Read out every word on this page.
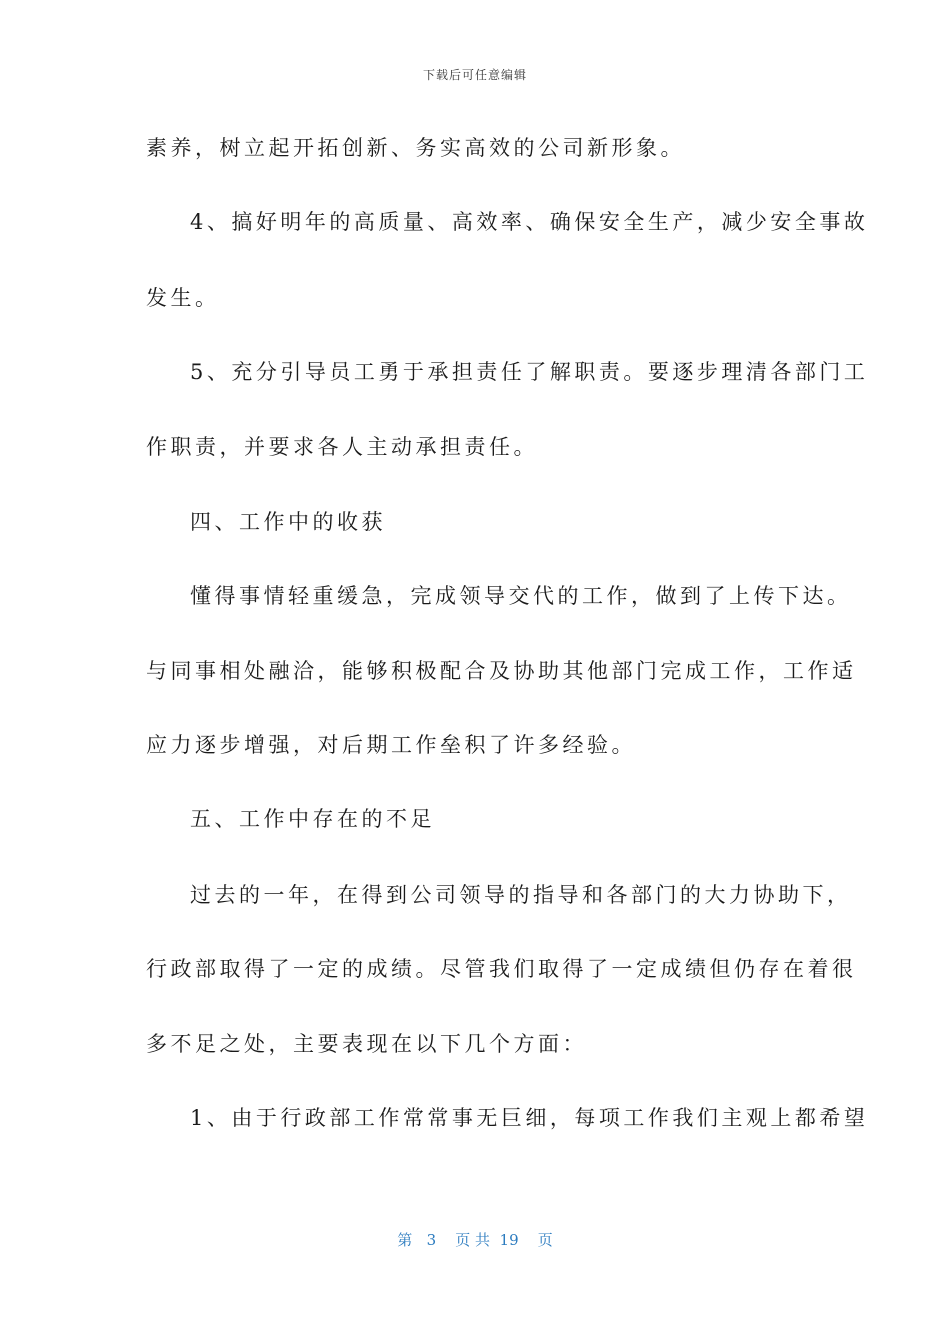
下载后可任意编辑
素养，树立起开拓创新、务实高效的公司新形象。
4、搞好明年的高质量、高效率、确保安全生产，减少安全事故
发生。
5、充分引导员工勇于承担责任了解职责。要逐步理清各部门工
作职责，并要求各人主动承担责任。
四、工作中的收获
懂得事情轻重缓急，完成领导交代的工作，做到了上传下达。
与同事相处融洽，能够积极配合及协助其他部门完成工作，工作适
应力逐步增强，对后期工作垒积了许多经验。
五、工作中存在的不足
过去的一年，在得到公司领导的指导和各部门的大力协助下，
行政部取得了一定的成绩。尽管我们取得了一定成绩但仍存在着很
多不足之处，主要表现在以下几个方面：
1、由于行政部工作常常事无巨细，每项工作我们主观上都希望
第 3 页 共 19 页
